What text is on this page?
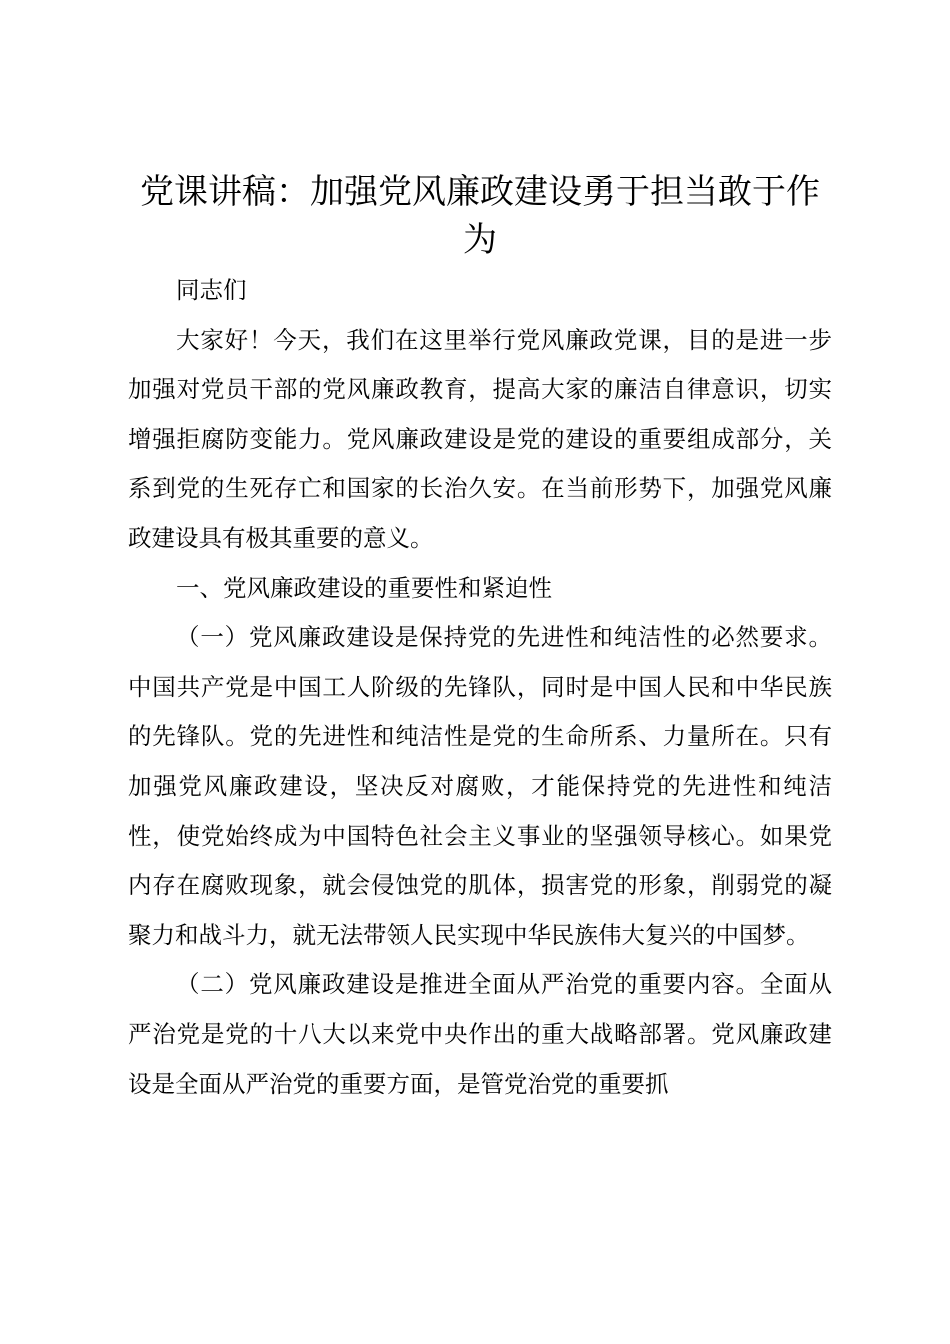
党课讲稿：加强党风廉政建设勇于担当敢于作为

同志们

大家好！今天，我们在这里举行党风廉政党课，目的是进一步加强对党员干部的党风廉政教育，提高大家的廉洁自律意识，切实增强拒腐防变能力。党风廉政建设是党的建设的重要组成部分，关系到党的生死存亡和国家的长治久安。在当前形势下，加强党风廉政建设具有极其重要的意义。

一、党风廉政建设的重要性和紧迫性

（一）党风廉政建设是保持党的先进性和纯洁性的必然要求。中国共产党是中国工人阶级的先锋队，同时是中国人民和中华民族的先锋队。党的先进性和纯洁性是党的生命所系、力量所在。只有加强党风廉政建设，坚决反对腐败，才能保持党的先进性和纯洁性，使党始终成为中国特色社会主义事业的坚强领导核心。如果党内存在腐败现象，就会侵蚀党的肌体，损害党的形象，削弱党的凝聚力和战斗力，就无法带领人民实现中华民族伟大复兴的中国梦。

（二）党风廉政建设是推进全面从严治党的重要内容。全面从严治党是党的十八大以来党中央作出的重大战略部署。党风廉政建设是全面从严治党的重要方面，是管党治党的重要抓
